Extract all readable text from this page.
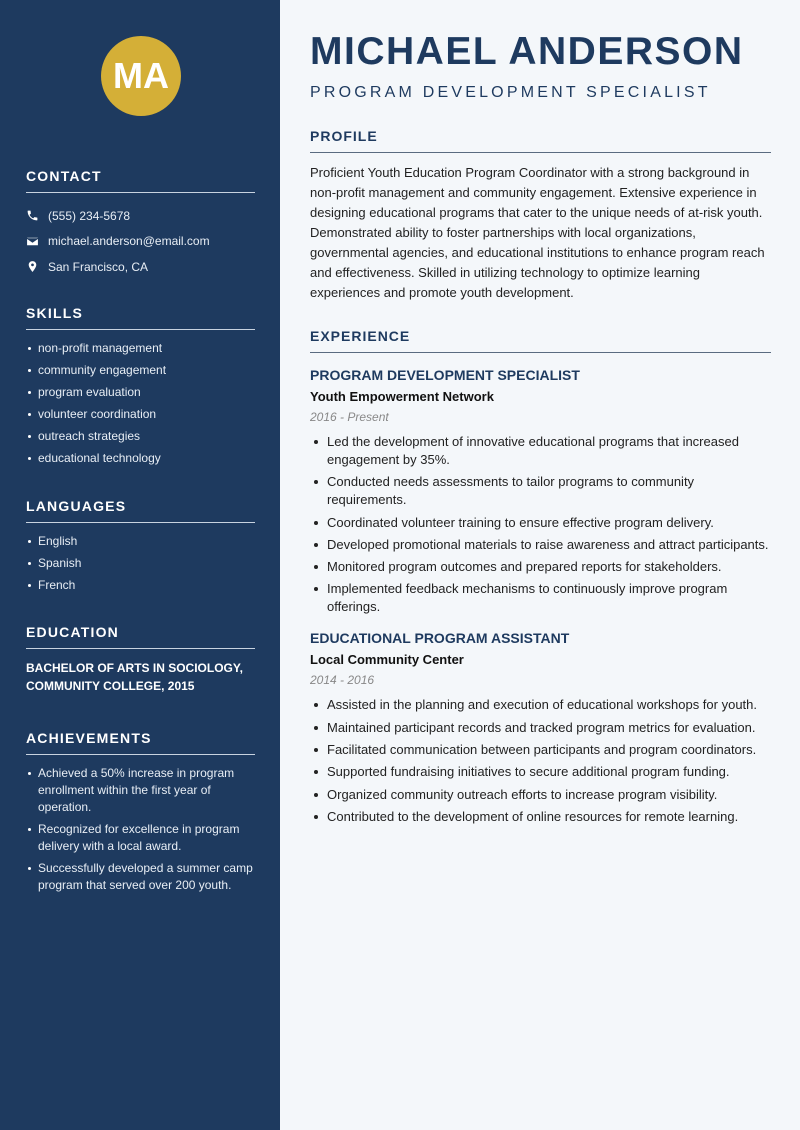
MA
CONTACT
(555) 234-5678
michael.anderson@email.com
San Francisco, CA
SKILLS
non-profit management
community engagement
program evaluation
volunteer coordination
outreach strategies
educational technology
LANGUAGES
English
Spanish
French
EDUCATION
BACHELOR OF ARTS IN SOCIOLOGY,
COMMUNITY COLLEGE, 2015
ACHIEVEMENTS
Achieved a 50% increase in program enrollment within the first year of operation.
Recognized for excellence in program delivery with a local award.
Successfully developed a summer camp program that served over 200 youth.
MICHAEL ANDERSON
PROGRAM DEVELOPMENT SPECIALIST
PROFILE
Proficient Youth Education Program Coordinator with a strong background in non-profit management and community engagement. Extensive experience in designing educational programs that cater to the unique needs of at-risk youth. Demonstrated ability to foster partnerships with local organizations, governmental agencies, and educational institutions to enhance program reach and effectiveness. Skilled in utilizing technology to optimize learning experiences and promote youth development.
EXPERIENCE
PROGRAM DEVELOPMENT SPECIALIST
Youth Empowerment Network
2016 - Present
Led the development of innovative educational programs that increased engagement by 35%.
Conducted needs assessments to tailor programs to community requirements.
Coordinated volunteer training to ensure effective program delivery.
Developed promotional materials to raise awareness and attract participants.
Monitored program outcomes and prepared reports for stakeholders.
Implemented feedback mechanisms to continuously improve program offerings.
EDUCATIONAL PROGRAM ASSISTANT
Local Community Center
2014 - 2016
Assisted in the planning and execution of educational workshops for youth.
Maintained participant records and tracked program metrics for evaluation.
Facilitated communication between participants and program coordinators.
Supported fundraising initiatives to secure additional program funding.
Organized community outreach efforts to increase program visibility.
Contributed to the development of online resources for remote learning.
